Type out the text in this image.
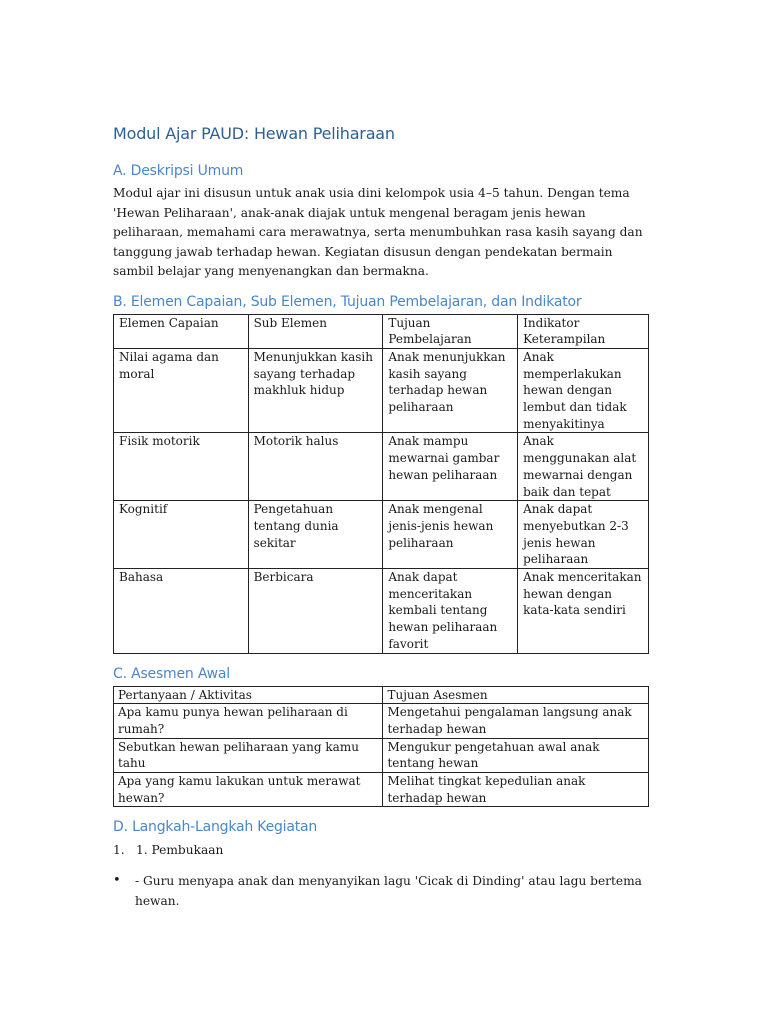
Modul Ajar PAUD: Hewan Peliharaan
A. Deskripsi Umum

Modul ajar ini disusun untuk anak usia dini kelompok usia 4–5 tahun. Dengan tema 'Hewan Peliharaan', anak-anak diajak untuk mengenal beragam jenis hewan peliharaan, memahami cara merawatnya, serta menumbuhkan rasa kasih sayang dan tanggung jawab terhadap hewan. Kegiatan disusun dengan pendekatan bermain sambil belajar yang menyenangkan dan bermakna.

B. Elemen Capaian, Sub Elemen, Tujuan Pembelajaran, dan Indikator
Elemen Capaian	Sub Elemen	Tujuan Pembelajaran	Indikator Keterampilan
Nilai agama dan moral	Menunjukkan kasih sayang terhadap makhluk hidup	Anak menunjukkan kasih sayang terhadap hewan peliharaan	Anak memperlakukan hewan dengan lembut dan tidak menyakitinya
Fisik motorik	Motorik halus	Anak mampu mewarnai gambar hewan peliharaan	Anak menggunakan alat mewarnai dengan baik dan tepat
Kognitif	Pengetahuan tentang dunia sekitar	Anak mengenal jenis-jenis hewan peliharaan	Anak dapat menyebutkan 2-3 jenis hewan peliharaan
Bahasa	Berbicara	Anak dapat menceritakan kembali tentang hewan peliharaan favorit	Anak menceritakan hewan dengan kata-kata sendiri
C. Asesmen Awal
Pertanyaan / Aktivitas	Tujuan Asesmen
Apa kamu punya hewan peliharaan di rumah?	Mengetahui pengalaman langsung anak terhadap hewan
Sebutkan hewan peliharaan yang kamu tahu	Mengukur pengetahuan awal anak tentang hewan
Apa yang kamu lakukan untuk merawat hewan?	Melihat tingkat kepedulian anak terhadap hewan
D. Langkah-Langkah Kegiatan
1. 1. Pembukaan
•	- Guru menyapa anak dan menyanyikan lagu 'Cicak di Dinding' atau lagu bertema hewan.
